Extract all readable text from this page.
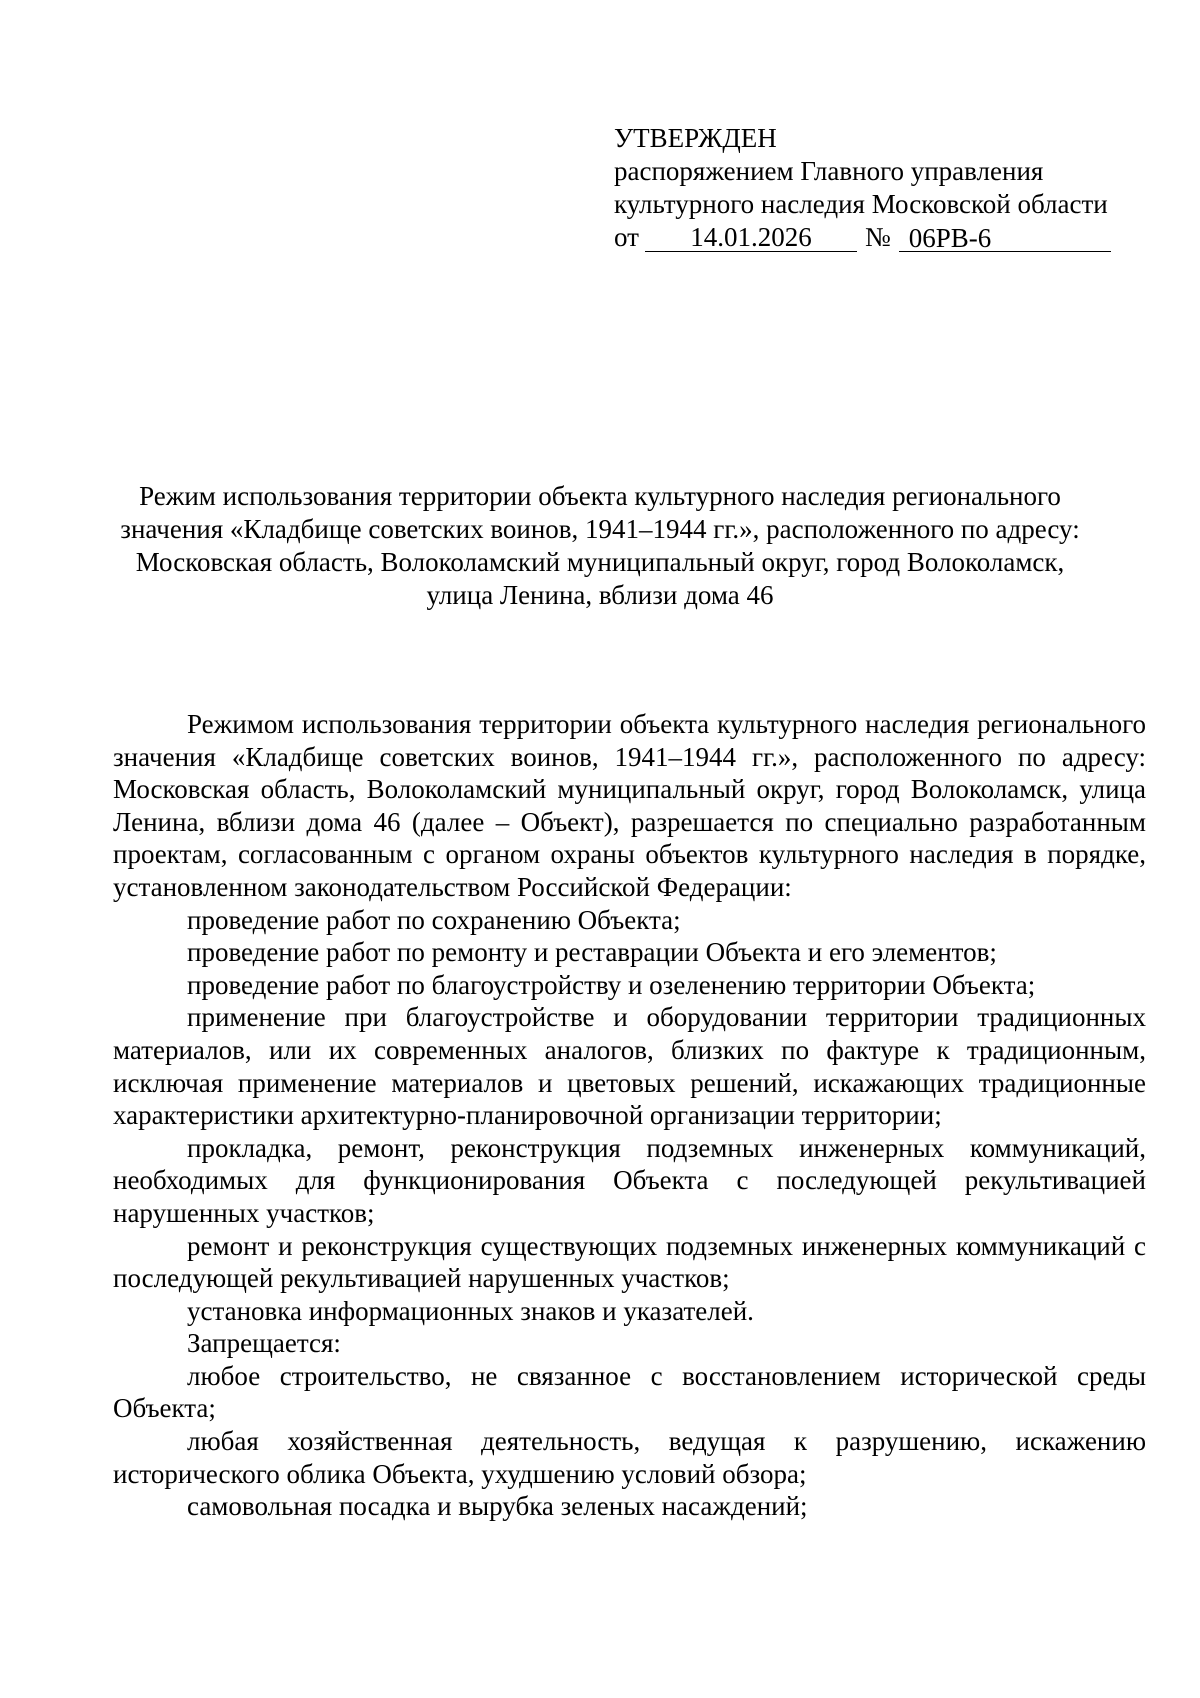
УТВЕРЖДЕН
распоряжением Главного управления
культурного наследия Московской области
от	14.01.2026	№ 06РВ-6
Режим использования территории объекта культурного наследия регионального
значения «Кладбище советских воинов, 1941–1944 гг.», расположенного по адресу:
Московская область, Волоколамский муниципальный округ, город Волоколамск,
улица Ленина, вблизи дома 46

Режимом использования территории объекта культурного наследия регионального значения «Кладбище советских воинов, 1941–1944 гг.», расположенного по адресу: Московская область, Волоколамский муниципальный округ, город Волоколамск, улица Ленина, вблизи дома 46 (далее – Объект), разрешается по специально разработанным проектам, согласованным с органом охраны объектов культурного наследия в порядке, установленном законодательством Российской Федерации:

проведение работ по сохранению Объекта;

проведение работ по ремонту и реставрации Объекта и его элементов;

проведение работ по благоустройству и озеленению территории Объекта;

применение при благоустройстве и оборудовании территории традиционных материалов, или их современных аналогов, близких по фактуре к традиционным, исключая применение материалов и цветовых решений, искажающих традиционные характеристики архитектурно-планировочной организации территории;

прокладка, ремонт, реконструкция подземных инженерных коммуникаций, необходимых для функционирования Объекта с последующей рекультивацией нарушенных участков;

ремонт и реконструкция существующих подземных инженерных коммуникаций с последующей рекультивацией нарушенных участков;

установка информационных знаков и указателей.

Запрещается:

любое строительство, не связанное с восстановлением исторической среды Объекта;

любая хозяйственная деятельность, ведущая к разрушению, искажению исторического облика Объекта, ухудшению условий обзора;

самовольная посадка и вырубка зеленых насаждений;
